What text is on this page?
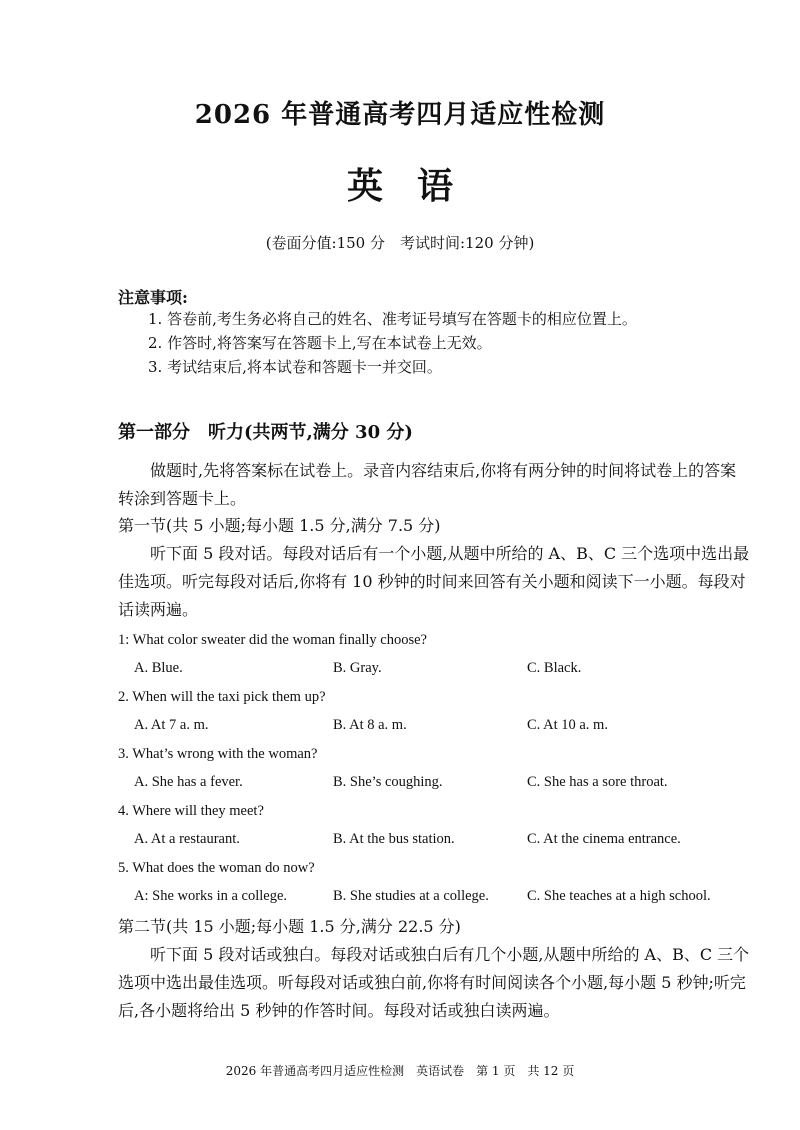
2026 年普通高考四月适应性检测
英语
(卷面分值:150 分　考试时间:120 分钟)
注意事项:
1. 答卷前,考生务必将自己的姓名、准考证号填写在答题卡的相应位置上。
2. 作答时,将答案写在答题卡上,写在本试卷上无效。
3. 考试结束后,将本试卷和答题卡一并交回。
第一部分　听力(共两节,满分 30 分)
做题时,先将答案标在试卷上。录音内容结束后,你将有两分钟的时间将试卷上的答案转涂到答题卡上。
第一节(共 5 小题;每小题 1.5 分,满分 7.5 分)
听下面 5 段对话。每段对话后有一个小题,从题中所给的 A、B、C 三个选项中选出最佳选项。听完每段对话后,你将有 10 秒钟的时间来回答有关小题和阅读下一小题。每段对话读两遍。
1: What color sweater did the woman finally choose?
A. Blue.	B. Gray.	C. Black.
2. When will the taxi pick them up?
A. At 7 a. m.	B. At 8 a. m.	C. At 10 a. m.
3. What’s wrong with the woman?
A. She has a fever.	B. She’s coughing.	C. She has a sore throat.
4. Where will they meet?
A. At a restaurant.	B. At the bus station.	C. At the cinema entrance.
5. What does the woman do now?
A: She works in a college.	B. She studies at a college.	C. She teaches at a high school.
第二节(共 15 小题;每小题 1.5 分,满分 22.5 分)
听下面 5 段对话或独白。每段对话或独白后有几个小题,从题中所给的 A、B、C 三个选项中选出最佳选项。听每段对话或独白前,你将有时间阅读各个小题,每小题 5 秒钟;听完后,各小题将给出 5 秒钟的作答时间。每段对话或独白读两遍。
2026 年普通高考四月适应性检测　英语试卷　第 1 页　共 12 页
